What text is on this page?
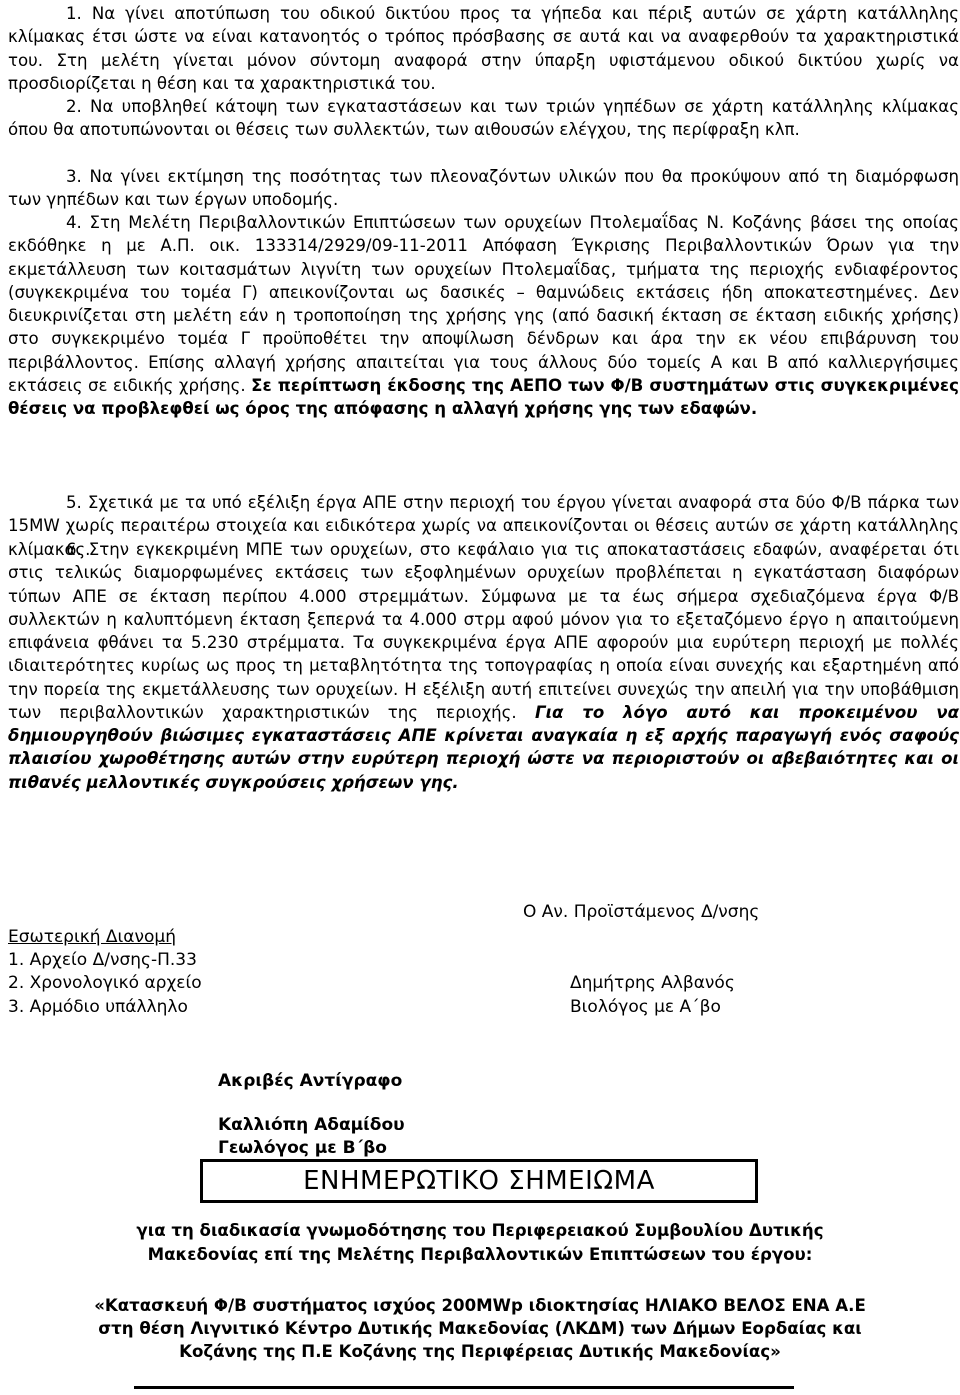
1. Να γίνει αποτύπωση του οδικού δικτύου προς τα γήπεδα και πέριξ αυτών σε χάρτη κατάλληλης κλίμακας έτσι ώστε να είναι κατανοητός ο τρόπος πρόσβασης σε αυτά και να αναφερθούν τα χαρακτηριστικά του. Στη μελέτη γίνεται μόνον σύντομη αναφορά στην ύπαρξη υφιστάμενου οδικού δικτύου χωρίς να προσδιορίζεται η θέση και τα χαρακτηριστικά του.

2. Να υποβληθεί κάτοψη των εγκαταστάσεων και των τριών γηπέδων σε χάρτη κατάλληλης κλίμακας όπου θα αποτυπώνονται οι θέσεις των συλλεκτών, των αιθουσών ελέγχου, της περίφραξη κλπ.

3. Να γίνει εκτίμηση της ποσότητας των πλεοναζόντων υλικών που θα προκύψουν από τη διαμόρφωση των γηπέδων και των έργων υποδομής.

4. Στη Μελέτη Περιβαλλοντικών Επιπτώσεων των ορυχείων Πτολεμαΐδας Ν. Κοζάνης βάσει της οποίας εκδόθηκε η με Α.Π. οικ. 133314/2929/09-11-2011 Απόφαση Έγκρισης Περιβαλλοντικών Όρων για την εκμετάλλευση των κοιτασμάτων λιγνίτη των ορυχείων Πτολεμαΐδας, τμήματα της περιοχής ενδιαφέροντος (συγκεκριμένα του τομέα Γ) απεικονίζονται ως δασικές – θαμνώδεις εκτάσεις ήδη αποκατεστημένες. Δεν διευκρινίζεται στη μελέτη εάν η τροποποίηση της χρήσης γης (από δασική έκταση σε έκταση ειδικής χρήσης) στο συγκεκριμένο τομέα Γ προϋποθέτει την αποψίλωση δένδρων και άρα την εκ νέου επιβάρυνση του περιβάλλοντος. Επίσης αλλαγή χρήσης απαιτείται για τους άλλους δύο τομείς Α και Β από καλλιεργήσιμες εκτάσεις σε ειδικής χρήσης. Σε περίπτωση έκδοσης της ΑΕΠΟ των Φ/Β συστημάτων στις συγκεκριμένες θέσεις να προβλεφθεί ως όρος της απόφασης η αλλαγή χρήσης γης των εδαφών.

5. Σχετικά με τα υπό εξέλιξη έργα ΑΠΕ στην περιοχή του έργου γίνεται αναφορά στα δύο Φ/Β πάρκα των 15MW χωρίς περαιτέρω στοιχεία και ειδικότερα χωρίς να απεικονίζονται οι θέσεις αυτών σε χάρτη κατάλληλης κλίμακας.

6. Στην εγκεκριμένη ΜΠΕ των ορυχείων, στο κεφάλαιο για τις αποκαταστάσεις εδαφών, αναφέρεται ότι στις τελικώς διαμορφωμένες εκτάσεις των εξοφλημένων ορυχείων προβλέπεται η εγκατάσταση διαφόρων τύπων ΑΠΕ σε έκταση περίπου 4.000 στρεμμάτων. Σύμφωνα με τα έως σήμερα σχεδιαζόμενα έργα Φ/Β συλλεκτών η καλυπτόμενη έκταση ξεπερνά τα 4.000 στρμ αφού μόνον για το εξεταζόμενο έργο η απαιτούμενη επιφάνεια φθάνει τα 5.230 στρέμματα. Τα συγκεκριμένα έργα ΑΠΕ αφορούν μια ευρύτερη περιοχή με πολλές ιδιαιτερότητες κυρίως ως προς τη μεταβλητότητα της τοπογραφίας η οποία είναι συνεχής και εξαρτημένη από την πορεία της εκμετάλλευσης των ορυχείων. Η εξέλιξη αυτή επιτείνει συνεχώς την απειλή για την υποβάθμιση των περιβαλλοντικών χαρακτηριστικών της περιοχής. Για το λόγο αυτό και προκειμένου να δημιουργηθούν βιώσιμες εγκαταστάσεις ΑΠΕ κρίνεται αναγκαία η εξ αρχής παραγωγή ενός σαφούς πλαισίου χωροθέτησης αυτών στην ευρύτερη περιοχή ώστε να περιοριστούν οι αβεβαιότητες και οι πιθανές μελλοντικές συγκρούσεις χρήσεων γης.

Ο Αν. Προϊστάμενος Δ/νσης
Εσωτερική Διανομή
1. Αρχείο Δ/νσης-Π.33
2. Χρονολογικό αρχείο
3. Αρμόδιο υπάλληλο
Δημήτρης Αλβανός
Βιολόγος με Α΄βο
Ακριβές Αντίγραφο
Καλλιόπη Αδαμίδου
Γεωλόγος με Β΄βο
ΕΝΗΜΕΡΩΤΙΚΟ ΣΗΜΕΙΩΜΑ
για τη διαδικασία γνωμοδότησης του Περιφερειακού Συμβουλίου Δυτικής
Μακεδονίας επί της Μελέτης Περιβαλλοντικών Επιπτώσεων του έργου:
«Κατασκευή Φ/Β συστήματος ισχύος 200MWp ιδιοκτησίας ΗΛΙΑΚΟ ΒΕΛΟΣ ΕΝΑ Α.Ε
στη θέση Λιγνιτικό Κέντρο Δυτικής Μακεδονίας (ΛΚΔΜ) των Δήμων Εορδαίας και
Κοζάνης της Π.Ε Κοζάνης της Περιφέρειας Δυτικής Μακεδονίας»
